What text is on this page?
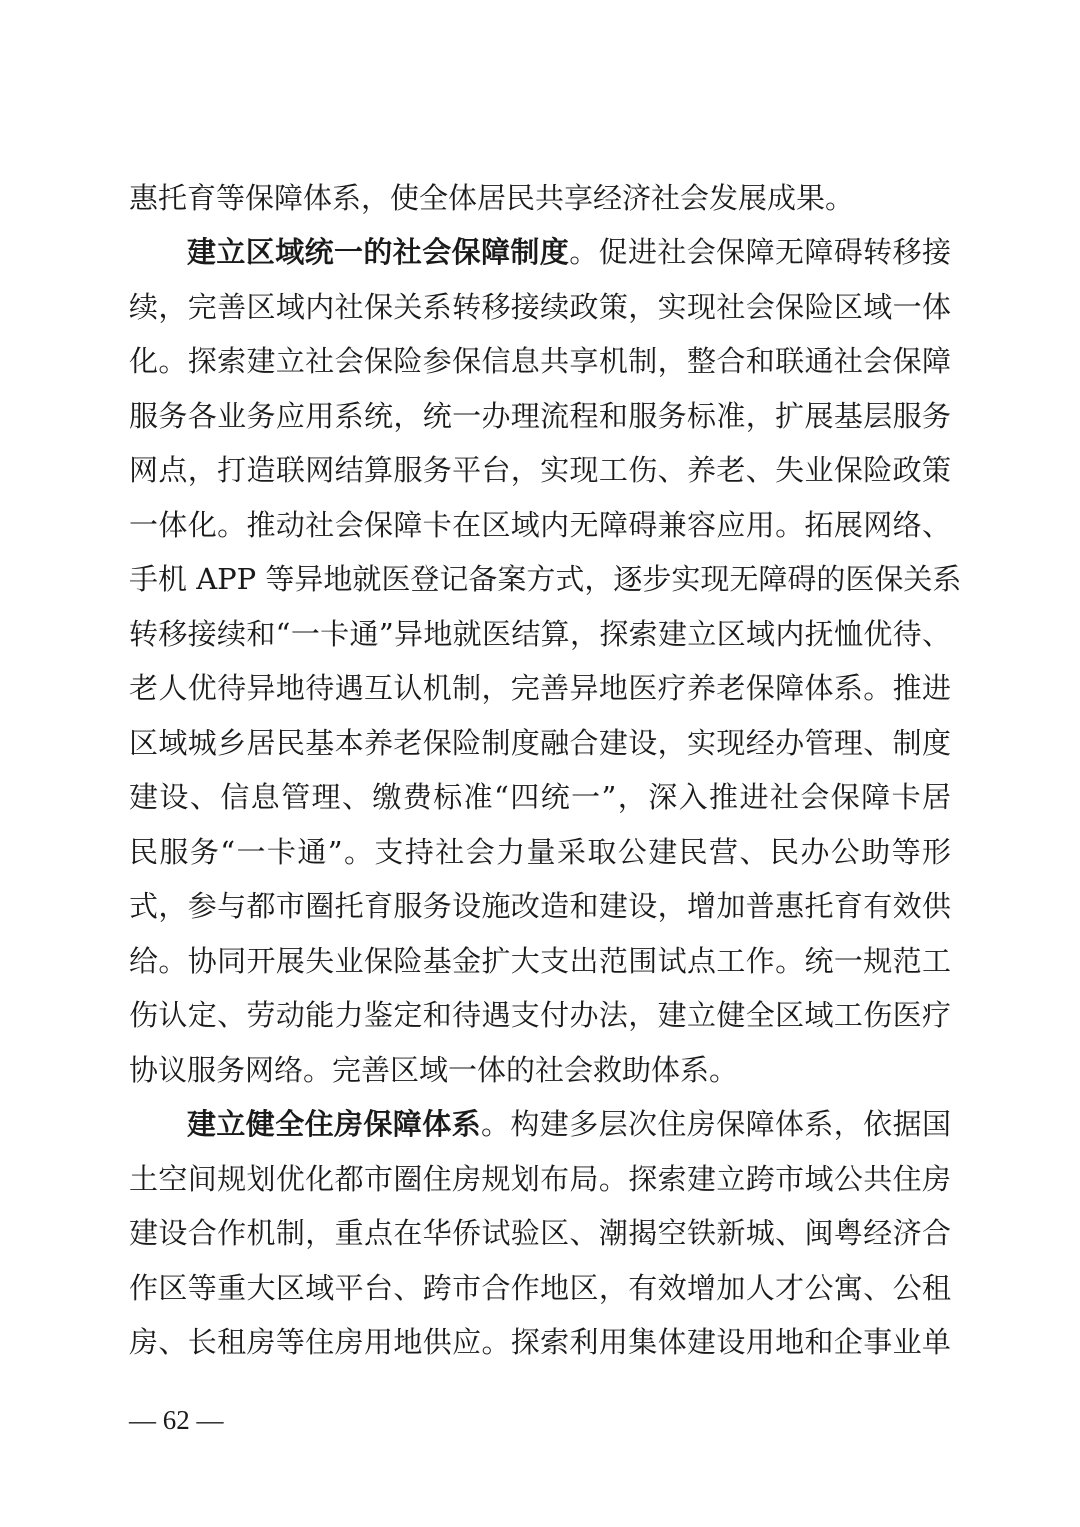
惠托育等保障体系，使全体居民共享经济社会发展成果。
建立区域统一的社会保障制度。促进社会保障无障碍转移接
续，完善区域内社保关系转移接续政策，实现社会保险区域一体
化。探索建立社会保险参保信息共享机制，整合和联通社会保障
服务各业务应用系统，统一办理流程和服务标准，扩展基层服务
网点，打造联网结算服务平台，实现工伤、养老、失业保险政策
一体化。推动社会保障卡在区域内无障碍兼容应用。拓展网络、
手机 APP 等异地就医登记备案方式，逐步实现无障碍的医保关系
转移接续和“一卡通”异地就医结算，探索建立区域内抚恤优待、
老人优待异地待遇互认机制，完善异地医疗养老保障体系。推进
区域城乡居民基本养老保险制度融合建设，实现经办管理、制度
建设、信息管理、缴费标准“四统一”，深入推进社会保障卡居
民服务“一卡通”。支持社会力量采取公建民营、民办公助等形
式，参与都市圈托育服务设施改造和建设，增加普惠托育有效供
给。协同开展失业保险基金扩大支出范围试点工作。统一规范工
伤认定、劳动能力鉴定和待遇支付办法，建立健全区域工伤医疗
协议服务网络。完善区域一体的社会救助体系。
建立健全住房保障体系。构建多层次住房保障体系，依据国
土空间规划优化都市圈住房规划布局。探索建立跨市域公共住房
建设合作机制，重点在华侨试验区、潮揭空铁新城、闽粤经济合
作区等重大区域平台、跨市合作地区，有效增加人才公寓、公租
房、长租房等住房用地供应。探索利用集体建设用地和企事业单
— 62 —
